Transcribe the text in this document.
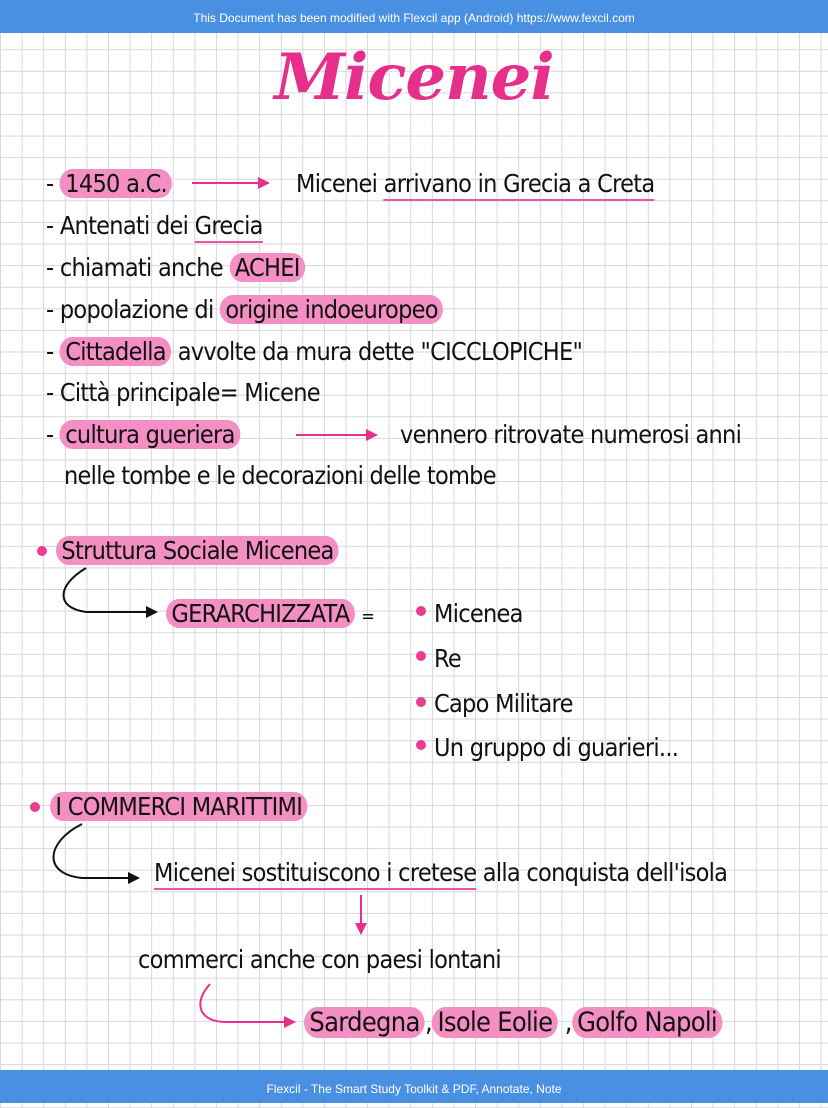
This Document has been modified with Flexcil app (Android) https://www.fexcil.com
Micenei
- 1450 a.C.	Micenei arrivano in Grecia a Creta
- Antenati dei Grecia
- chiamati anche ACHEI
- popolazione di origine indoeuropeo
- Cittadella avvolte da mura dette "CICCLOPICHE"
- Città principale= Micene
- cultura gueriera	vennero ritrovate numerosi anni
nelle tombe e le decorazioni delle tombe
Struttura Sociale Micenea
GERARCHIZZATA = Micenea
Re
Capo Militare
Un gruppo di guarieri...
I COMMERCI MARITTIMI
Micenei sostituiscono i cretese alla conquista dell'isola
commerci anche con paesi lontani
Sardegna , Isole Eolie , Golfo Napoli
Flexcil - The Smart Study Toolkit & PDF, Annotate, Note
